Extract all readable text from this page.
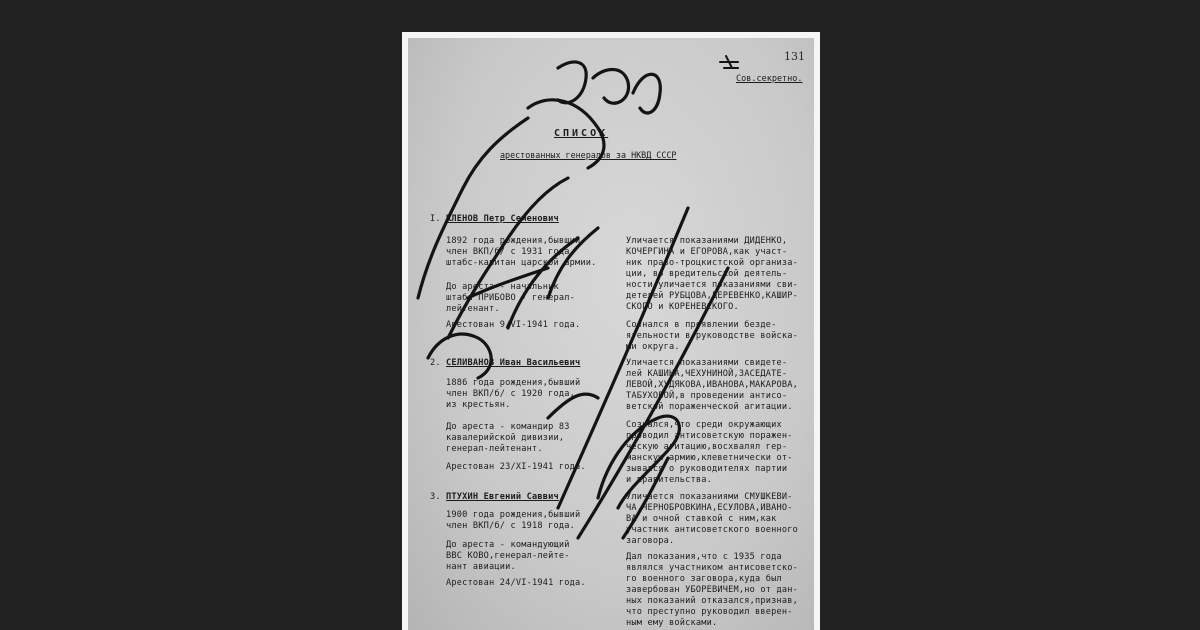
Сов.секретно.
131
СПИСОК
арестованных генералов за НКВД СССР
I. КЛЕНОВ Петр Семенович
1892 года рождения,бывший
член ВКП/б/ с 1931 года,
штабс-капитан царской армии.
До ареста - начальник
штаба ПРИБОВО - генерал-
лейтенант.
Арестован 9/VI-1941 года.
Уличается показаниями ДИДЕНКО,
КОЧЕРГИНА и ЕГОРОВА,как участ-
ник право-троцкистской организа-
ции, во вредительской деятель-
ности уличается показаниями сви-
детелей РУБЦОВА,ДЕРЕВЕНКО,КАШИР-
СКОГО и КОРЕНЕВСКОГО.
Сознался в проявлении безде-
ятельности в руководстве войска-
ми округа.
2. СЕЛИВАНОВ Иван Васильевич
1886 года рождения,бывший
член ВКП/б/ с 1920 года,
из крестьян.
До ареста - командир 83
кавалерийской дивизии,
генерал-лейтенант.
Арестован 23/XI-1941 года.
Уличается показаниями свидете-
лей КАШИНА,ЧЕХУНИНОЙ,ЗАСЕДАТЕ-
ЛЕВОЙ,ХУДЯКОВА,ИВАНОВА,МАКАРОВА,
ТАБУХОВОЙ,в проведении антисо-
ветской пораженческой агитации.
Сознался,что среди окружающих
проводил антисоветскую поражен-
ческую агитацию,восхвалял гер-
манскую армию,клеветнически от-
зывался о руководителях партии
и правительства.
3. ПТУХИН Евгений Саввич
1900 года рождения,бывший
член ВКП/б/ с 1918 года.
До ареста - командующий
ВВС КОВО,генерал-лейте-
нант авиации.
Арестован 24/VI-1941 года.
Уличается показаниями СМУШКЕВИ-
ЧА,ЧЕРНОБРОВКИНА,ЕСУЛОВА,ИВАНО-
ВА и очной ставкой с ним,как
участник антисоветского военного
заговора.
Дал показания,что с 1935 года
являлся участником антисоветско-
го военного заговора,куда был
завербован УБОРЕВИЧЕМ,но от дан-
ных показаний отказался,признав,
что преступно руководил вверен-
ным ему войсками.
